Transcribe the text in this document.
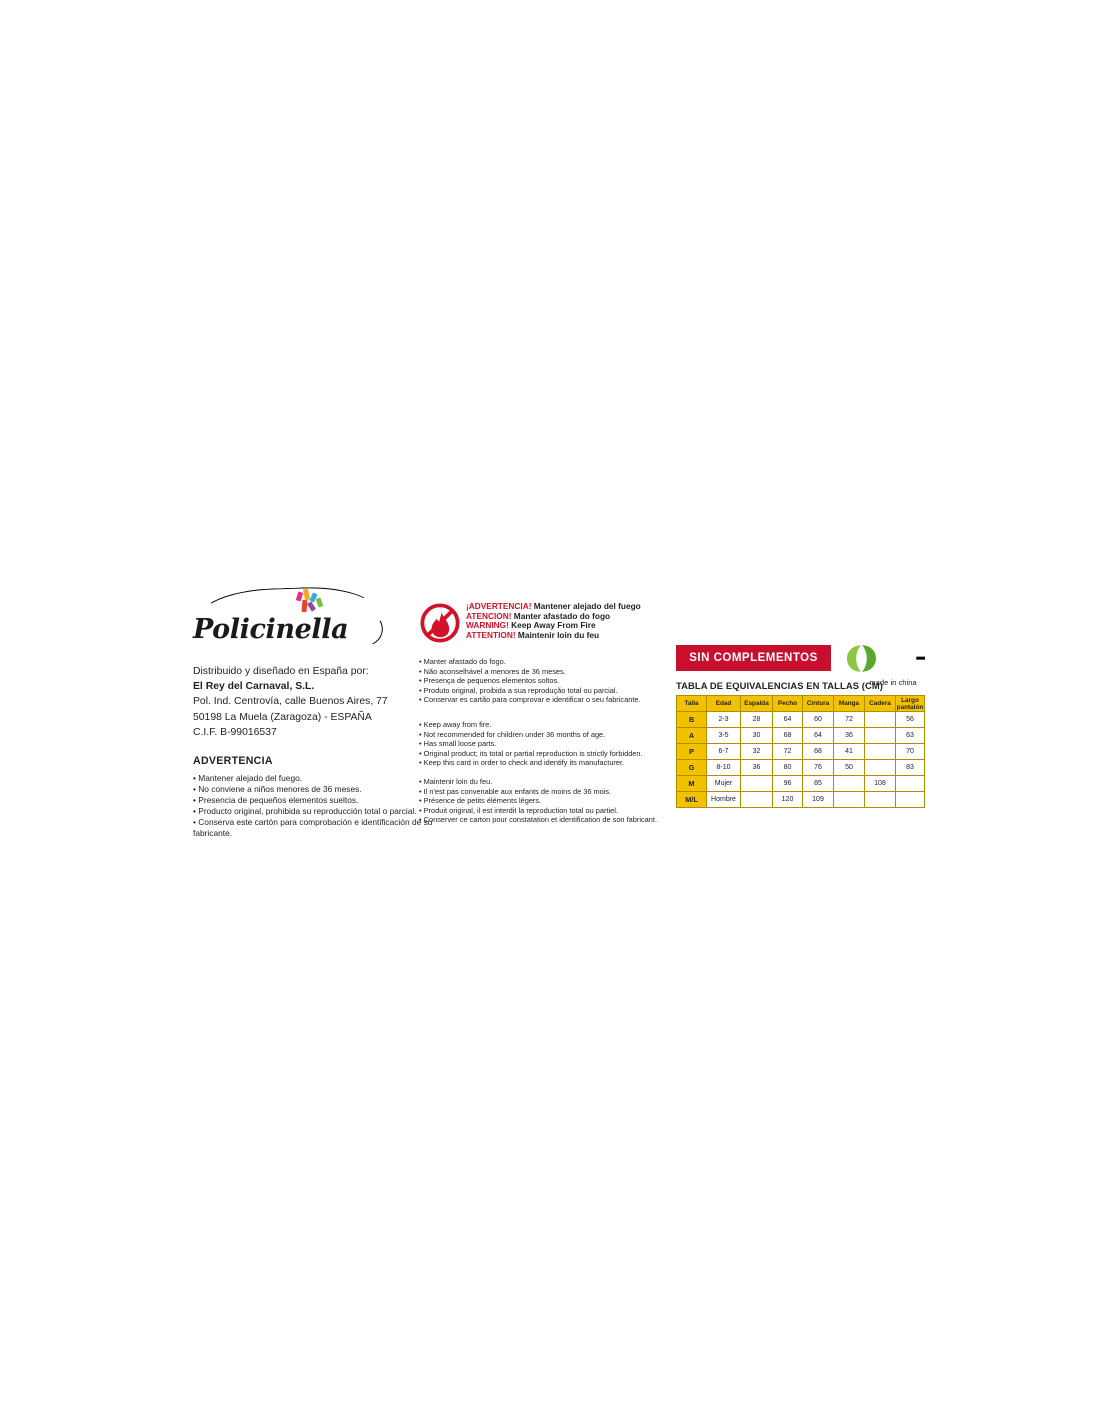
Policinella
Distribuido y diseñado en España por:
El Rey del Carnaval, S.L.
Pol. Ind. Centrovía, calle Buenos Aires, 77
50198 La Muela (Zaragoza) - ESPAÑA
C.I.F. B-99016537
ADVERTENCIA
• Mantener alejado del fuego.
• No conviene a niños menores de 36 meses.
• Presencia de pequeños elementos sueltos.
• Producto original, prohibida su reproducción total o parcial.
• Conserva este cartón para comprobación e identificación de su fabricante.
¡ADVERTENCIA! Mantener alejado del fuego
ATENCION! Manter afastado do fogo
WARNING! Keep Away From Fire
ATTENTION! Maintenir loin du feu
• Manter afastado do fogo.
• Não aconselhável a menores de 36 meses.
• Presença de pequenos elementos soltos.
• Produto original, proibida a sua reprodução total ou parcial.
• Conservar es cartão para comprovar e identificar o seu fabricante.
• Keep away from fire.
• Not recommended for children under 36 months of age.
• Has small loose parts.
• Original product; its total or partial reproduction is strictly forbidden.
• Keep this card in order to check and identify its manufacturer.
• Maintenir loin du feu.
• Il n'est pas convenable aux enfants de moins de 36 mois.
• Présence de petits éléments légers.
• Produit original, il est interdit la reproduction total ou partiel.
• Conserver ce carton pour constatation et identification de son fabricant.
SIN COMPLEMENTOS
TABLA DE EQUIVALENCIAS EN TALLAS (CM)
Talla	Edad	Espalda	Pecho	Cintura	Manga	Cadera	Largo pantalón
B	2-3	28	64	60	72		56
A	3-5	30	68	64	36		63
P	6-7	32	72	68	41		70
G	8-10	36	80	76	50		83
M	Mujer		96	85		108	
M/L	Hombre		120	109			
made in china
